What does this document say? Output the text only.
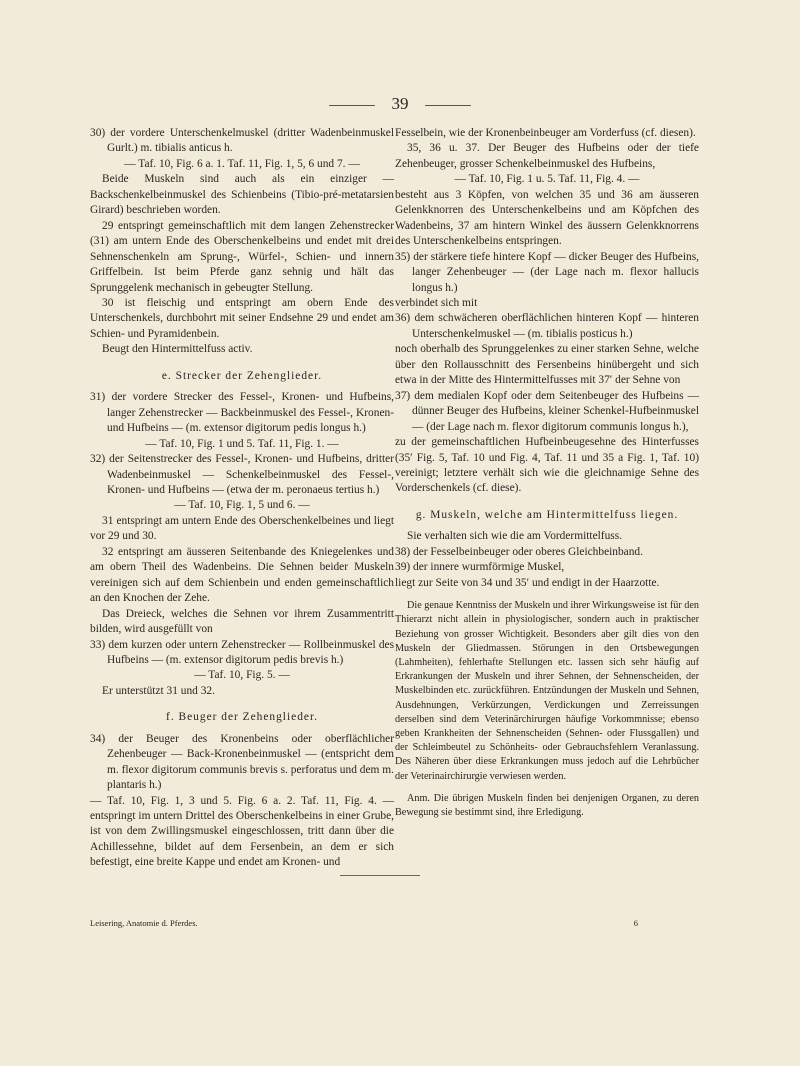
39

30) der vordere Unterschenkelmuskel (dritter Wadenbeinmuskel Gurlt.) m. tibialis anticus h.

— Taf. 10, Fig. 6 a. 1. Taf. 11, Fig. 1, 5, 6 und 7. —

Beide Muskeln sind auch als ein einziger — Backschenkelbeinmuskel des Schienbeins (Tibio-pré-metatarsien Girard) beschrieben worden.

29 entspringt gemeinschaftlich mit dem langen Zehenstrecker (31) am untern Ende des Oberschenkelbeins und endet mit drei Sehnenschenkeln am Sprung-, Würfel-, Schien- und innern Griffelbein. Ist beim Pferde ganz sehnig und hält das Sprunggelenk mechanisch in gebeugter Stellung.

30 ist fleischig und entspringt am obern Ende des Unterschenkels, durchbohrt mit seiner Endsehne 29 und endet am Schien- und Pyramidenbein.

Beugt den Hintermittelfuss activ.

e. Strecker der Zehenglieder.

31) der vordere Strecker des Fessel-, Kronen- und Hufbeins, langer Zehenstrecker — Backbeinmuskel des Fessel-, Kronen- und Hufbeins — (m. extensor digitorum pedis longus h.)

— Taf. 10, Fig. 1 und 5. Taf. 11, Fig. 1. —

32) der Seitenstrecker des Fessel-, Kronen- und Hufbeins, dritter Wadenbeinmuskel — Schenkelbeinmuskel des Fessel-, Kronen- und Hufbeins — (etwa der m. peronaeus tertius h.)

— Taf. 10, Fig. 1, 5 und 6. —

31 entspringt am untern Ende des Oberschenkelbeines und liegt vor 29 und 30.

32 entspringt am äusseren Seitenbande des Kniegelenkes und am obern Theil des Wadenbeins. Die Sehnen beider Muskeln vereinigen sich auf dem Schienbein und enden gemeinschaftlich an den Knochen der Zehe.

Das Dreieck, welches die Sehnen vor ihrem Zusammentritt bilden, wird ausgefüllt von

33) dem kurzen oder untern Zehenstrecker — Rollbeinmuskel des Hufbeins — (m. extensor digitorum pedis brevis h.)

— Taf. 10, Fig. 5. —

Er unterstützt 31 und 32.

f. Beuger der Zehenglieder.

34) der Beuger des Kronenbeins oder oberflächlicher Zehenbeuger — Back-Kronenbeinmuskel — (entspricht dem m. flexor digitorum communis brevis s. perforatus und dem m. plantaris h.)

— Taf. 10, Fig. 1, 3 und 5. Fig. 6 a. 2. Taf. 11, Fig. 4. — entspringt im untern Drittel des Oberschenkelbeins in einer Grube, ist von dem Zwillingsmuskel eingeschlossen, tritt dann über die Achillessehne, bildet auf dem Fersenbein, an dem er sich befestigt, eine breite Kappe und endet am Kronen- und

Fesselbein, wie der Kronenbeinbeuger am Vorderfuss (cf. diesen).

35, 36 u. 37. Der Beuger des Hufbeins oder der tiefe Zehenbeuger, grosser Schenkelbeinmuskel des Hufbeins,

— Taf. 10, Fig. 1 u. 5. Taf. 11, Fig. 4. —

besteht aus 3 Köpfen, von welchen 35 und 36 am äusseren Gelenkknorren des Unterschenkelbeins und am Köpfchen des Wadenbeins, 37 am hintern Winkel des äussern Gelenkknorrens des Unterschenkelbeins entspringen.

35) der stärkere tiefe hintere Kopf — dicker Beuger des Hufbeins, langer Zehenbeuger — (der Lage nach m. flexor hallucis longus h.)

verbindet sich mit

36) dem schwächeren oberflächlichen hinteren Kopf — hinteren Unterschenkelmuskel — (m. tibialis posticus h.)

noch oberhalb des Sprunggelenkes zu einer starken Sehne, welche über den Rollausschnitt des Fersenbeins hinübergeht und sich etwa in der Mitte des Hintermittelfusses mit 37′ der Sehne von

37) dem medialen Kopf oder dem Seitenbeuger des Hufbeins — dünner Beuger des Hufbeins, kleiner Schenkel-Hufbeinmuskel — (der Lage nach m. flexor digitorum communis longus h.),

zu der gemeinschaftlichen Hufbeinbeugesehne des Hinterfusses (35′ Fig. 5, Taf. 10 und Fig. 4, Taf. 11 und 35 a Fig. 1, Taf. 10) vereinigt; letztere verhält sich wie die gleichnamige Sehne des Vorderschenkels (cf. diese).

g. Muskeln, welche am Hintermittelfuss liegen.

Sie verhalten sich wie die am Vordermittelfuss.

38) der Fesselbeinbeuger oder oberes Gleichbeinband.

39) der innere wurmförmige Muskel,

liegt zur Seite von 34 und 35′ und endigt in der Haarzotte.

Die genaue Kenntniss der Muskeln und ihrer Wirkungsweise ist für den Thierarzt nicht allein in physiologischer, sondern auch in praktischer Beziehung von grosser Wichtigkeit. Besonders aber gilt dies von den Muskeln der Gliedmassen. Störungen in den Ortsbewegungen (Lahmheiten), fehlerhafte Stellungen etc. lassen sich sehr häufig auf Erkrankungen der Muskeln und ihrer Sehnen, der Sehnenscheiden, der Muskelbinden etc. zurückführen. Entzündungen der Muskeln und Sehnen, Ausdehnungen, Verkürzungen, Verdickungen und Zerreissungen derselben sind dem Veterinärchirurgen häufige Vorkommnisse; ebenso geben Krankheiten der Sehnenscheiden (Sehnen- oder Flussgallen) und der Schleimbeutel zu Schönheits- oder Gebrauchsfehlern Veranlassung. Des Näheren über diese Erkrankungen muss jedoch auf die Lehrbücher der Veterinairchirurgie verwiesen werden.

Anm. Die übrigen Muskeln finden bei denjenigen Organen, zu deren Bewegung sie bestimmt sind, ihre Erledigung.

Leisering, Anatomie d. Pferdes.	6
